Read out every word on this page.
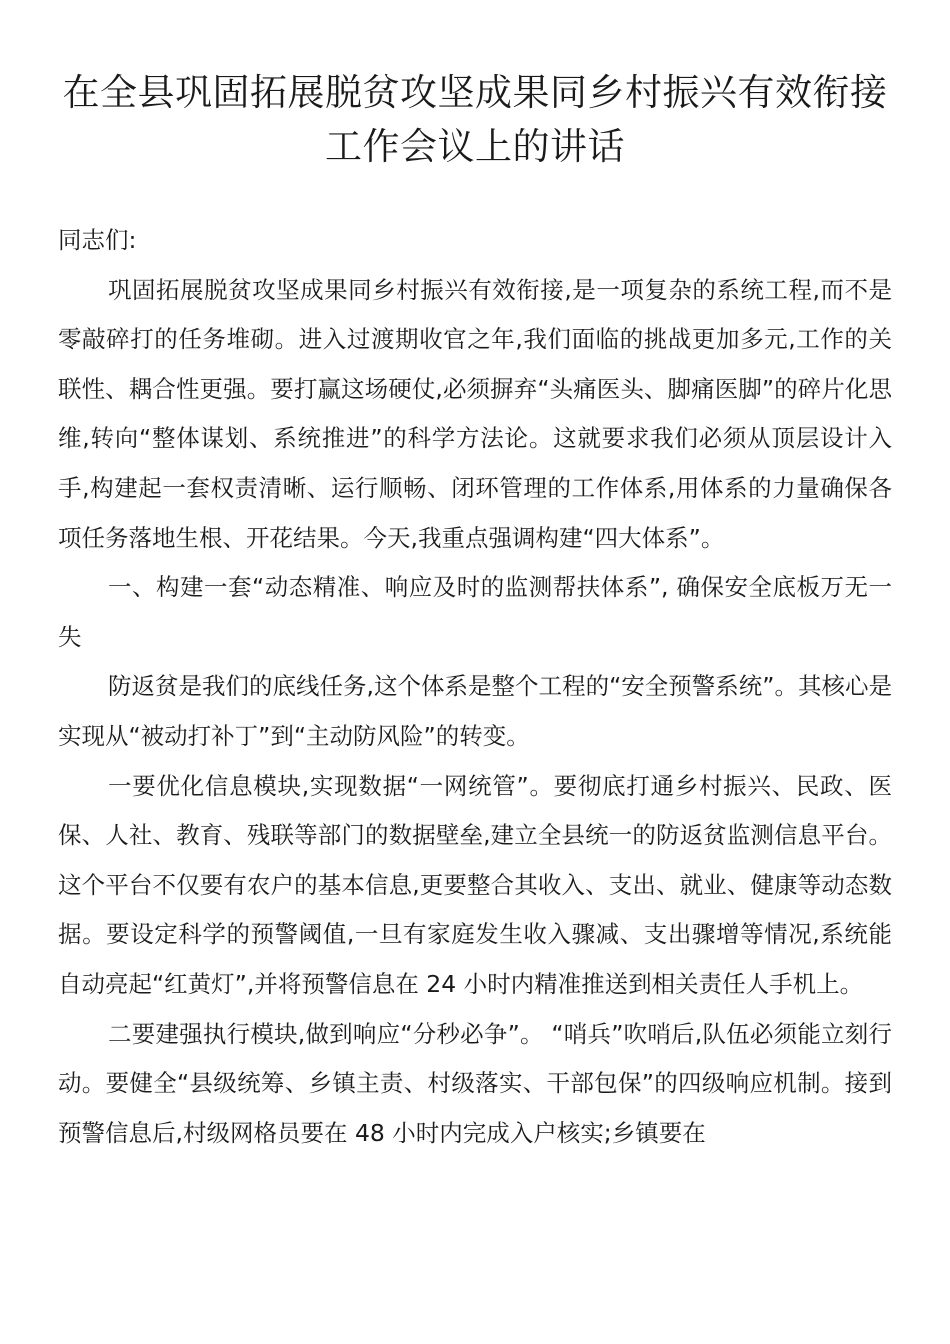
在全县巩固拓展脱贫攻坚成果同乡村振兴有效衔接工作会议上的讲话

同志们:

巩固拓展脱贫攻坚成果同乡村振兴有效衔接,是一项复杂的系统工程,而不是零敲碎打的任务堆砌。进入过渡期收官之年,我们面临的挑战更加多元,工作的关联性、耦合性更强。要打赢这场硬仗,必须摒弃“头痛医头、脚痛医脚”的碎片化思维,转向“整体谋划、系统推进”的科学方法论。这就要求我们必须从顶层设计入手,构建起一套权责清晰、运行顺畅、闭环管理的工作体系,用体系的力量确保各项任务落地生根、开花结果。今天,我重点强调构建“四大体系”。

一、构建一套“动态精准、响应及时的监测帮扶体系”, 确保安全底板万无一失

防返贫是我们的底线任务,这个体系是整个工程的“安全预警系统”。其核心是实现从“被动打补丁”到“主动防风险”的转变。

一要优化信息模块,实现数据“一网统管”。要彻底打通乡村振兴、民政、医保、人社、教育、残联等部门的数据壁垒,建立全县统一的防返贫监测信息平台。这个平台不仅要有农户的基本信息,更要整合其收入、支出、就业、健康等动态数据。要设定科学的预警阈值,一旦有家庭发生收入骤减、支出骤增等情况,系统能自动亮起“红黄灯”,并将预警信息在 24 小时内精准推送到相关责任人手机上。

二要建强执行模块,做到响应“分秒必争”。 “哨兵”吹哨后,队伍必须能立刻行动。要健全“县级统筹、乡镇主责、村级落实、干部包保”的四级响应机制。接到预警信息后,村级网格员要在 48 小时内完成入户核实;乡镇要在
